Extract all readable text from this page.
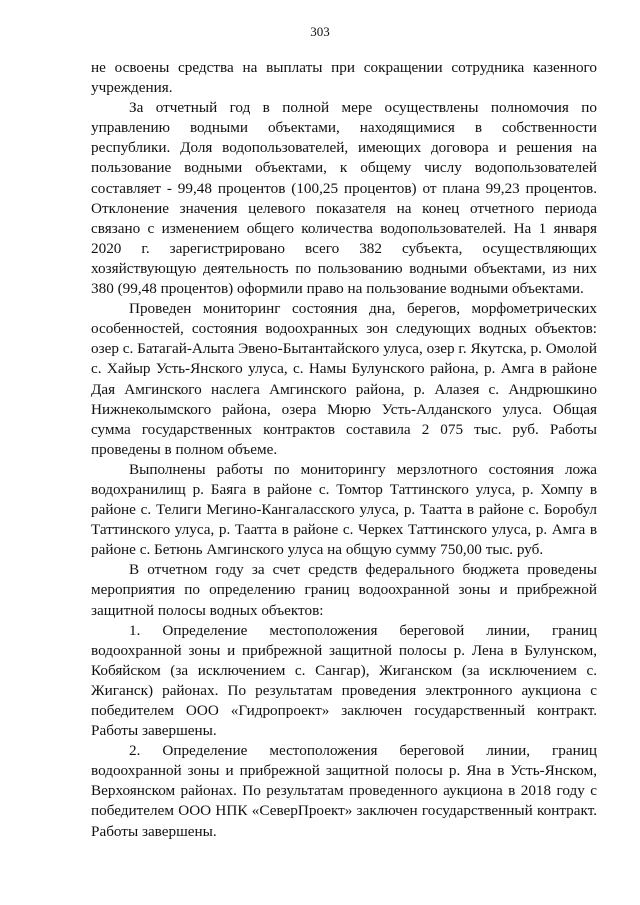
303

не освоены средства на выплаты при сокращении сотрудника казенного учреждения.

За отчетный год в полной мере осуществлены полномочия по управлению водными объектами, находящимися в собственности республики. Доля водопользователей, имеющих договора и решения на пользование водными объектами, к общему числу водопользователей составляет - 99,48 процентов (100,25 процентов) от плана 99,23 процентов. Отклонение значения целевого показателя на конец отчетного периода связано с изменением общего количества водопользователей. На 1 января 2020 г. зарегистрировано всего 382 субъекта, осуществляющих хозяйствующую деятельность по пользованию водными объектами, из них 380 (99,48 процентов) оформили право на пользование водными объектами.

Проведен мониторинг состояния дна, берегов, морфометрических особенностей, состояния водоохранных зон следующих водных объектов: озер с. Батагай-Алыта Эвено-Бытантайского улуса, озер г. Якутска, р. Омолой с. Хайыр Усть-Янского улуса, с. Намы Булунского района, р. Амга в районе Дая Амгинского наслега Амгинского района, р. Алазея с. Андрюшкино Нижнеколымского района, озера Мюрю Усть-Алданского улуса. Общая сумма государственных контрактов составила 2 075 тыс. руб. Работы проведены в полном объеме.

Выполнены работы по мониторингу мерзлотного состояния ложа водохранилищ р. Баяга в районе с. Томтор Таттинского улуса, р. Хомпу в районе с. Телиги Мегино-Кангаласского улуса, р. Таатта в районе с. Боробул Таттинского улуса, р. Таатта в районе с. Черкех Таттинского улуса, р. Амга в районе с. Бетюнь Амгинского улуса на общую сумму 750,00 тыс. руб.

В отчетном году за счет средств федерального бюджета проведены мероприятия по определению границ водоохранной зоны и прибрежной защитной полосы водных объектов:

1. Определение местоположения береговой линии, границ водоохранной зоны и прибрежной защитной полосы р. Лена в Булунском, Кобяйском (за исключением с. Сангар), Жиганском (за исключением с. Жиганск) районах. По результатам проведения электронного аукциона с победителем ООО «Гидропроект» заключен государственный контракт. Работы завершены.

2. Определение местоположения береговой линии, границ водоохранной зоны и прибрежной защитной полосы р. Яна в Усть-Янском, Верхоянском районах. По результатам проведенного аукциона в 2018 году с победителем ООО НПК «СеверПроект» заключен государственный контракт. Работы завершены.
